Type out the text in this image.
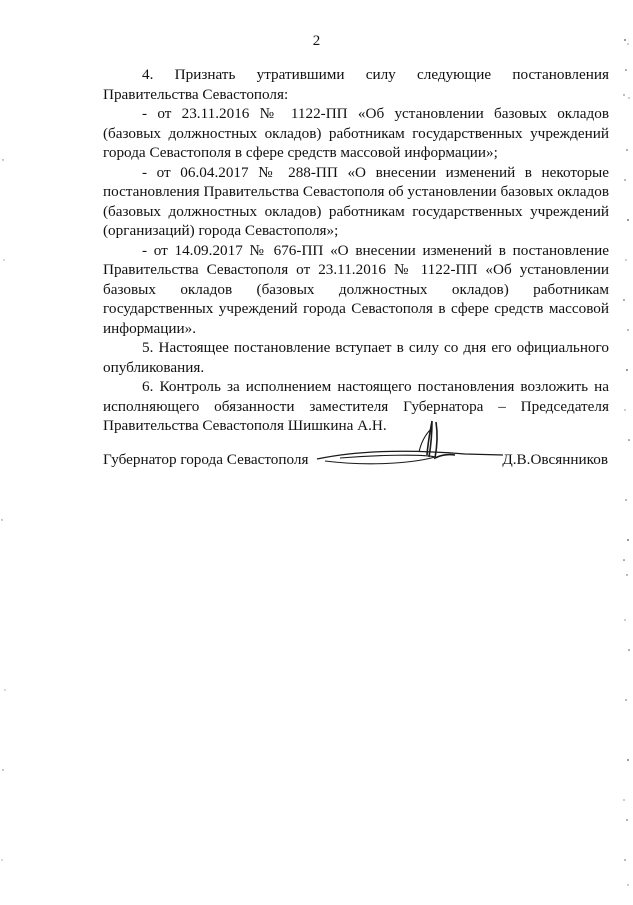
2

4. Признать утратившими силу следующие постановления Правительства Севастополя:

- от 23.11.2016 № 1122-ПП «Об установлении базовых окладов (базовых должностных окладов) работникам государственных учреждений города Севастополя в сфере средств массовой информации»;

- от 06.04.2017 № 288-ПП «О внесении изменений в некоторые постановления Правительства Севастополя об установлении базовых окладов (базовых должностных окладов) работникам государственных учреждений (организаций) города Севастополя»;

- от 14.09.2017 № 676-ПП «О внесении изменений в постановление Правительства Севастополя от 23.11.2016 № 1122-ПП «Об установлении базовых окладов (базовых должностных окладов) работникам государственных учреждений города Севастополя в сфере средств массовой информации».

5. Настоящее постановление вступает в силу со дня его официального опубликования.

6. Контроль за исполнением настоящего постановления возложить на исполняющего обязанности заместителя Губернатора – Председателя Правительства Севастополя Шишкина А.Н.

Губернатор города Севастополя	Д.В.Овсянников
